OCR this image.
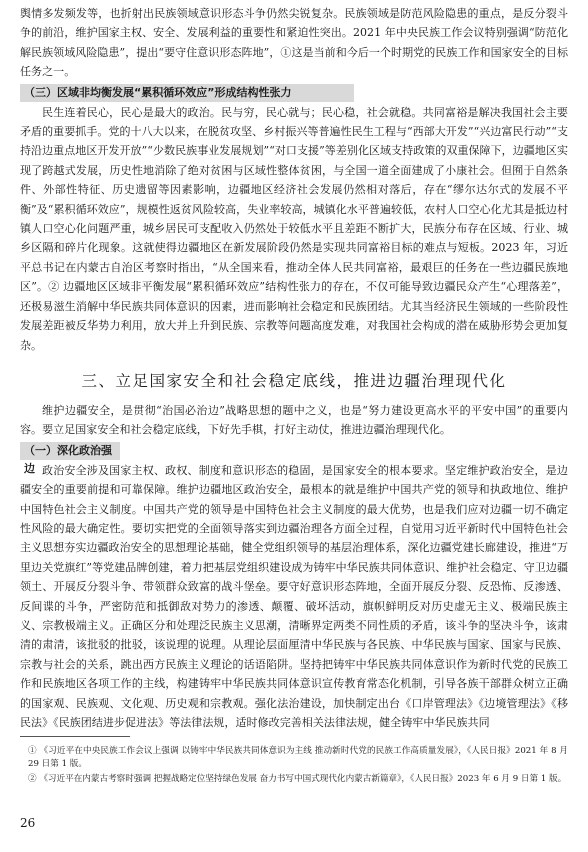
舆情多发频发等，也折射出民族领域意识形态斗争仍然尖锐复杂。民族领域是防范风险隐患的重点，是反分裂斗争的前沿，维护国家主权、安全、发展利益的重要性和紧迫性突出。2021 年中央民族工作会议特别强调“防范化解民族领域风险隐患”，提出“要守住意识形态阵地”，①这是当前和今后一个时期党的民族工作和国家安全的目标任务之一。

（三）区域非均衡发展“累积循环效应”形成结构性张力

民生连着民心，民心是最大的政治。民与穷，民心就与；民心稳，社会就稳。共同富裕是解决我国社会主要矛盾的重要抓手。党的十八大以来，在脱贫攻坚、乡村振兴等普遍性民生工程与“西部大开发”“兴边富民行动”“支持沿边重点地区开发开放”“少数民族事业发展规划”“对口支援”等差别化区域支持政策的双重保障下，边疆地区实现了跨越式发展，历史性地消除了绝对贫困与区域性整体贫困，与全国一道全面建成了小康社会。但囿于自然条件、外部性特征、历史遗留等因素影响，边疆地区经济社会发展仍然相对落后，存在“缪尔达尔式的发展不平衡”及“累积循环效应”，规模性返贫风险较高，失业率较高，城镇化水平普遍较低，农村人口空心化尤其是抵边村镇人口空心化问题严重，城乡居民可支配收入仍然处于较低水平且差距不断扩大，民族分布存在区域、行业、城乡区隔和碎片化现象。这就使得边疆地区在新发展阶段仍然是实现共同富裕目标的难点与短板。2023 年，习近平总书记在内蒙古自治区考察时指出，“从全国来看，推动全体人民共同富裕，最艰巨的任务在一些边疆民族地区”。② 边疆地区区域非平衡发展“累积循环效应”结构性张力的存在，不仅可能导致边疆民众产生“心理落差”，还极易滋生消解中华民族共同体意识的因素，进而影响社会稳定和民族团结。尤其当经济民生领域的一些阶段性发展差距被反华势力利用，放大并上升到民族、宗教等问题高度发难，对我国社会构成的潜在威胁形势会更加复杂。

三、立足国家安全和社会稳定底线，推进边疆治理现代化

维护边疆安全，是贯彻“治国必治边”战略思想的题中之义，也是“努力建设更高水平的平安中国”的重要内容。要立足国家安全和社会稳定底线，下好先手棋，打好主动仗，推进边疆治理现代化。

（一）深化政治强边 政治安全涉及国家主权、政权、制度和意识形态的稳固，是国家安全的根本要求。坚定维护政治安全，是边疆安全的重要前提和可靠保障。维护边疆地区政治安全，最根本的就是维护中国共产党的领导和执政地位、维护中国特色社会主义制度。中国共产党的领导是中国特色社会主义制度的最大优势，也是我们应对边疆一切不确定性风险的最大确定性。要切实把党的全面领导落实到边疆治理各方面全过程，自觉用习近平新时代中国特色社会主义思想夯实边疆政治安全的思想理论基础，健全党组织领导的基层治理体系，深化边疆党建长廊建设，推进“万里边关党旗红”等党建品牌创建，着力把基层党组织建设成为铸牢中华民族共同体意识、维护社会稳定、守卫边疆领土、开展反分裂斗争、带领群众致富的战斗堡垒。要守好意识形态阵地，全面开展反分裂、反恐怖、反渗透、反间谍的斗争，严密防范和抵御敌对势力的渗透、颠覆、破坏活动，旗帜鲜明反对历史虚无主义、极端民族主义、宗教极端主义。正确区分和处理泛民族主义思潮，清晰界定两类不同性质的矛盾，该斗争的坚决斗争，该肃清的肃清，该批驳的批驳，该说理的说理。从理论层面厘清中华民族与各民族、中华民族与国家、国家与民族、宗教与社会的关系，跳出西方民族主义理论的话语陷阱。坚持把铸牢中华民族共同体意识作为新时代党的民族工作和民族地区各项工作的主线，构建铸牢中华民族共同体意识宣传教育常态化机制，引导各族干部群众树立正确的国家观、民族观、文化观、历史观和宗教观。强化法治建设，加快制定出台《口岸管理法》《边境管理法》《移民法》《民族团结进步促进法》等法律法规，适时修改完善相关法律法规，健全铸牢中华民族共同

① 《习近平在中央民族工作会议上强调 以铸牢中华民族共同体意识为主线 推动新时代党的民族工作高质量发展》，《人民日报》2021 年 8 月 29 日第 1 版。

② 《习近平在内蒙古考察时强调 把握战略定位坚持绿色发展 奋力书写中国式现代化内蒙古新篇章》，《人民日报》2023 年 6 月 9 日第 1 版。

26
